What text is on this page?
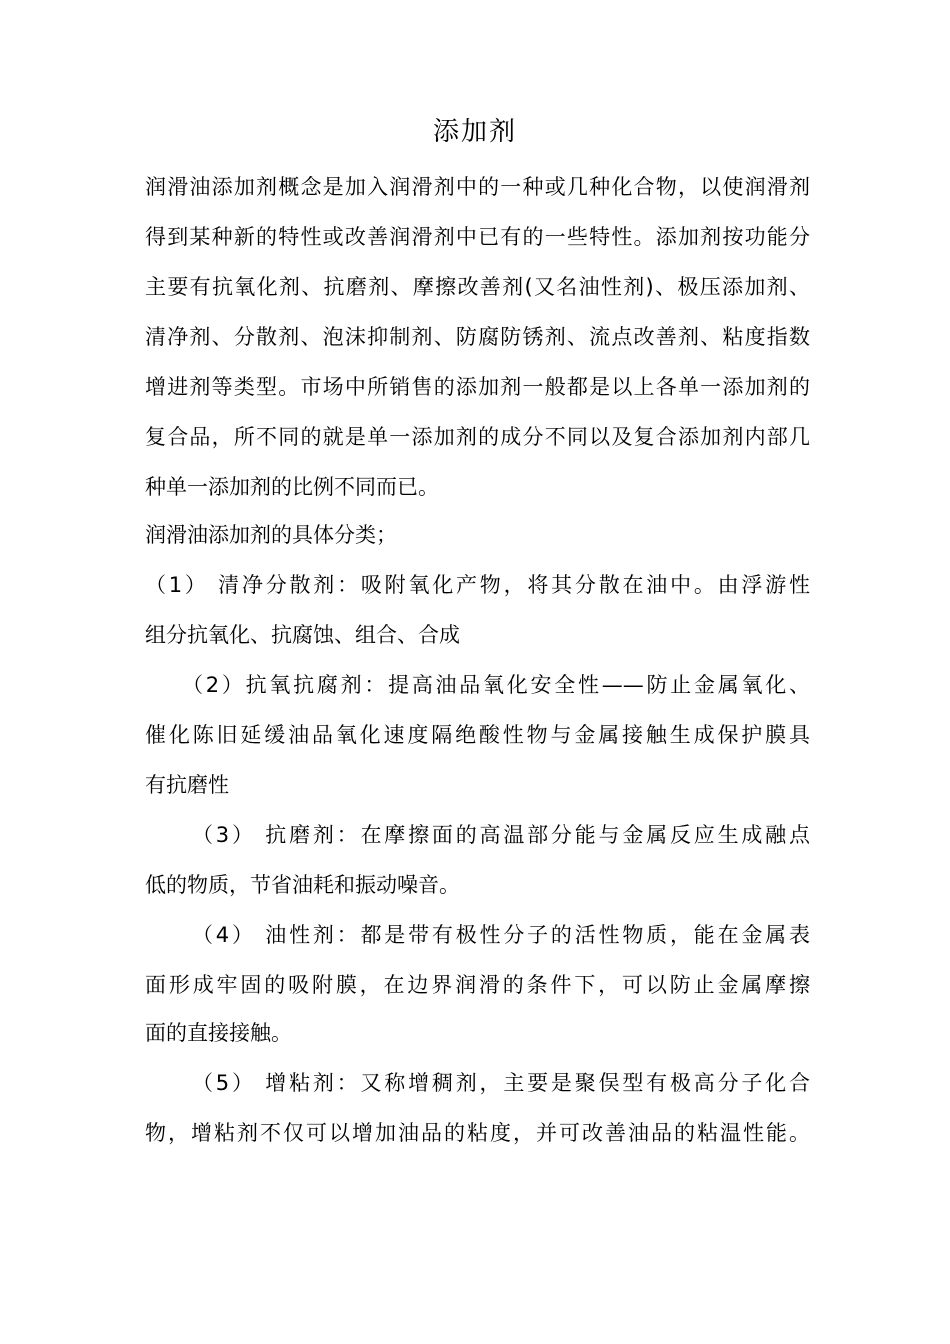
添加剂
润滑油添加剂概念是加入润滑剂中的一种或几种化合物，以使润滑剂
得到某种新的特性或改善润滑剂中已有的一些特性。添加剂按功能分
主要有抗氧化剂、抗磨剂、摩擦改善剂(又名油性剂)、极压添加剂、
清净剂、分散剂、泡沫抑制剂、防腐防锈剂、流点改善剂、粘度指数
增进剂等类型。市场中所销售的添加剂一般都是以上各单一添加剂的
复合品，所不同的就是单一添加剂的成分不同以及复合添加剂内部几
种单一添加剂的比例不同而已。
润滑油添加剂的具体分类；
（1） 清净分散剂：吸附氧化产物，将其分散在油中。由浮游性
组分抗氧化、抗腐蚀、组合、合成
（2）抗氧抗腐剂：提高油品氧化安全性——防止金属氧化、
催化陈旧延缓油品氧化速度隔绝酸性物与金属接触生成保护膜具
有抗磨性
（3） 抗磨剂：在摩擦面的高温部分能与金属反应生成融点
低的物质，节省油耗和振动噪音。
（4） 油性剂：都是带有极性分子的活性物质，能在金属表
面形成牢固的吸附膜，在边界润滑的条件下，可以防止金属摩擦
面的直接接触。
（5） 增粘剂：又称增稠剂，主要是聚俣型有极高分子化合
物，增粘剂不仅可以增加油品的粘度，并可改善油品的粘温性能。
